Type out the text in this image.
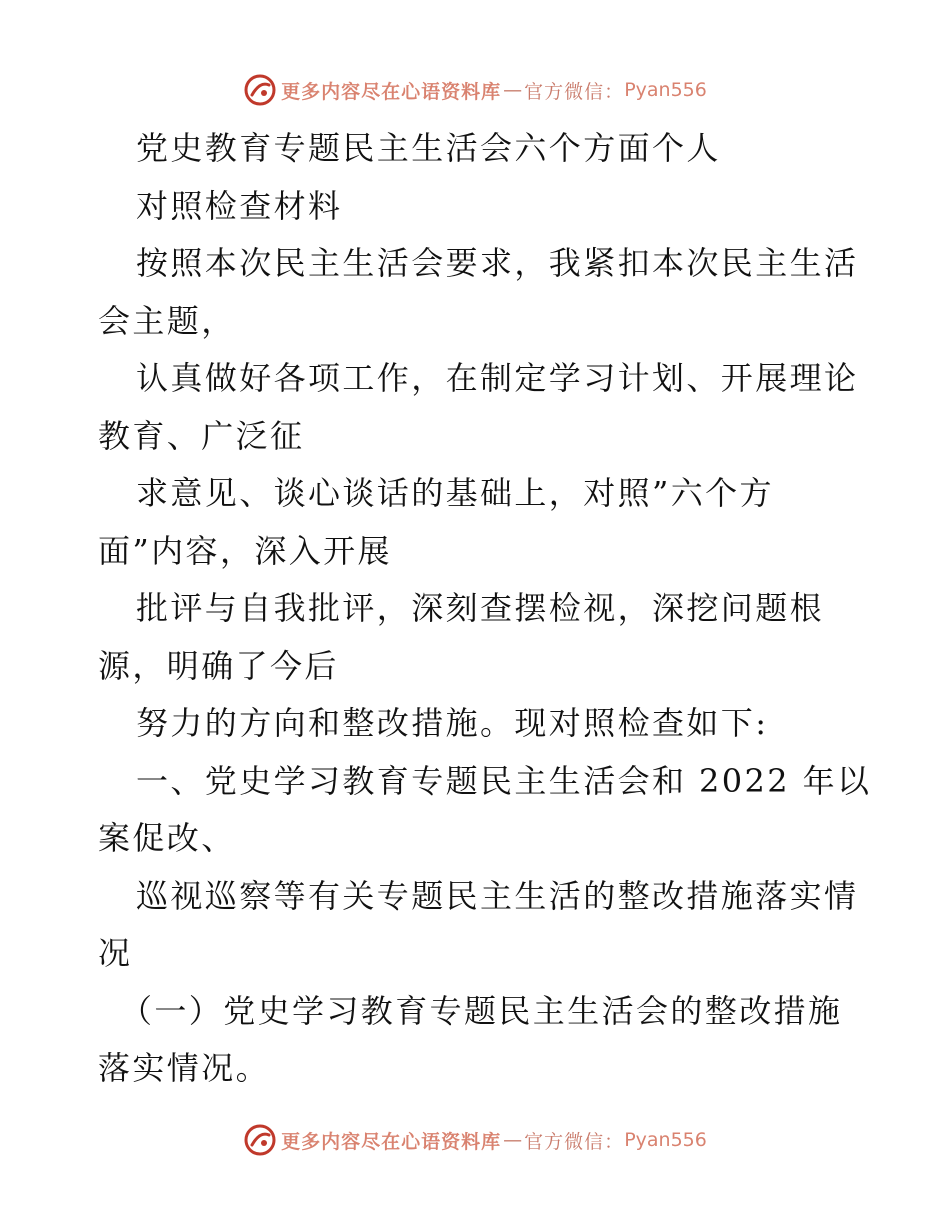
更多内容尽在心语资料库 — 官方微信： Pyan556
党史教育专题民主生活会六个方面个人
对照检查材料
按照本次民主生活会要求，我紧扣本次民主生活
会主题，
认真做好各项工作，在制定学习计划、开展理论
教育、广泛征
求意见、谈心谈话的基础上，对照”六个方
面”内容，深入开展
批评与自我批评，深刻查摆检视，深挖问题根
源，明确了今后
努力的方向和整改措施。现对照检查如下:
一、党史学习教育专题民主生活会和 2022 年以
案促改、
巡视巡察等有关专题民主生活的整改措施落实情
况
（一）党史学习教育专题民主生活会的整改措施
落实情况。
更多内容尽在心语资料库 — 官方微信： Pyan556
